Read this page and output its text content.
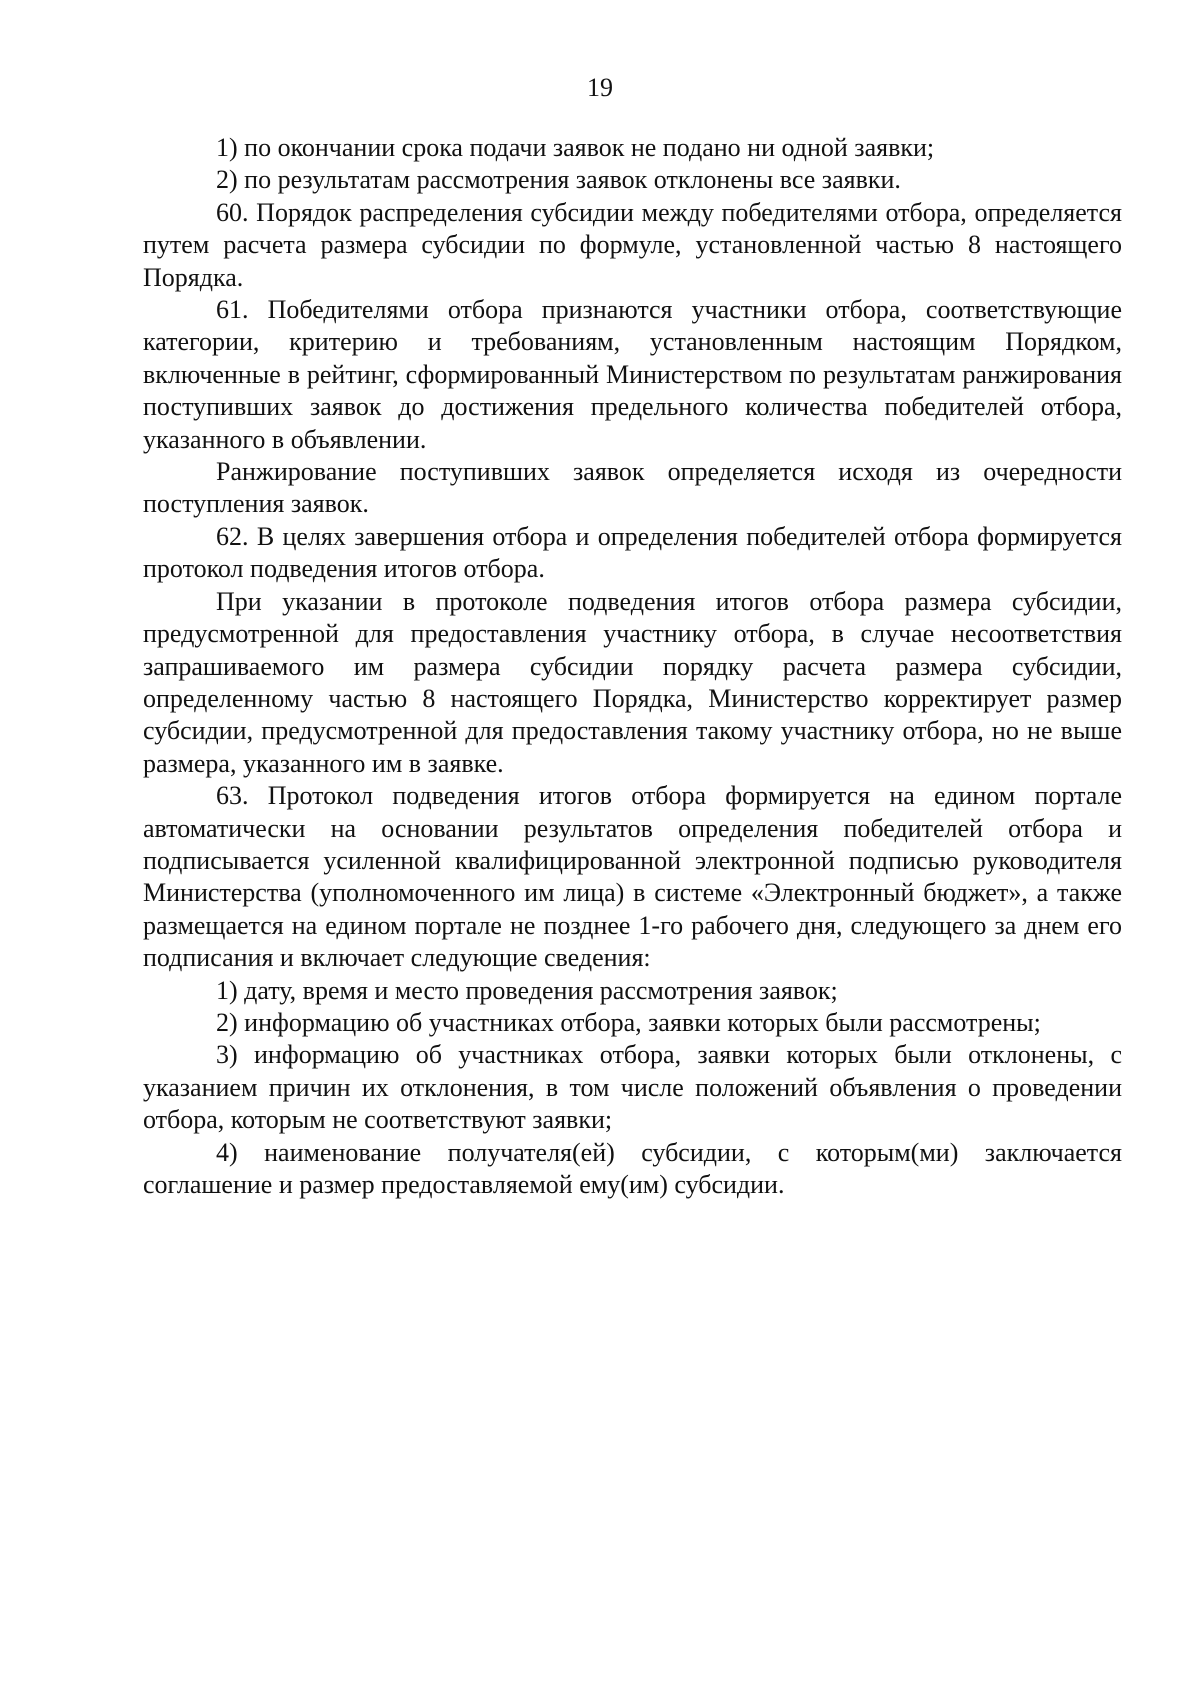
19

1) по окончании срока подачи заявок не подано ни одной заявки;

2) по результатам рассмотрения заявок отклонены все заявки.

60. Порядок распределения субсидии между победителями отбора, определяется путем расчета размера субсидии по формуле, установленной частью 8 настоящего Порядка.

61. Победителями отбора признаются участники отбора, соответствующие категории, критерию и требованиям, установленным настоящим Порядком, включенные в рейтинг, сформированный Министерством по результатам ранжирования поступивших заявок до достижения предельного количества победителей отбора, указанного в объявлении.

Ранжирование поступивших заявок определяется исходя из очередности поступления заявок.

62. В целях завершения отбора и определения победителей отбора формируется протокол подведения итогов отбора.

При указании в протоколе подведения итогов отбора размера субсидии, предусмотренной для предоставления участнику отбора, в случае несоответствия запрашиваемого им размера субсидии порядку расчета размера субсидии, определенному частью 8 настоящего Порядка, Министерство корректирует размер субсидии, предусмотренной для предоставления такому участнику отбора, но не выше размера, указанного им в заявке.

63. Протокол подведения итогов отбора формируется на едином портале автоматически на основании результатов определения победителей отбора и подписывается усиленной квалифицированной электронной подписью руководителя Министерства (уполномоченного им лица) в системе «Электронный бюджет», а также размещается на едином портале не позднее 1-го рабочего дня, следующего за днем его подписания и включает следующие сведения:

1) дату, время и место проведения рассмотрения заявок;

2) информацию об участниках отбора, заявки которых были рассмотрены;

3) информацию об участниках отбора, заявки которых были отклонены, с указанием причин их отклонения, в том числе положений объявления о проведении отбора, которым не соответствуют заявки;

4) наименование получателя(ей) субсидии, с которым(ми) заключается соглашение и размер предоставляемой ему(им) субсидии.
